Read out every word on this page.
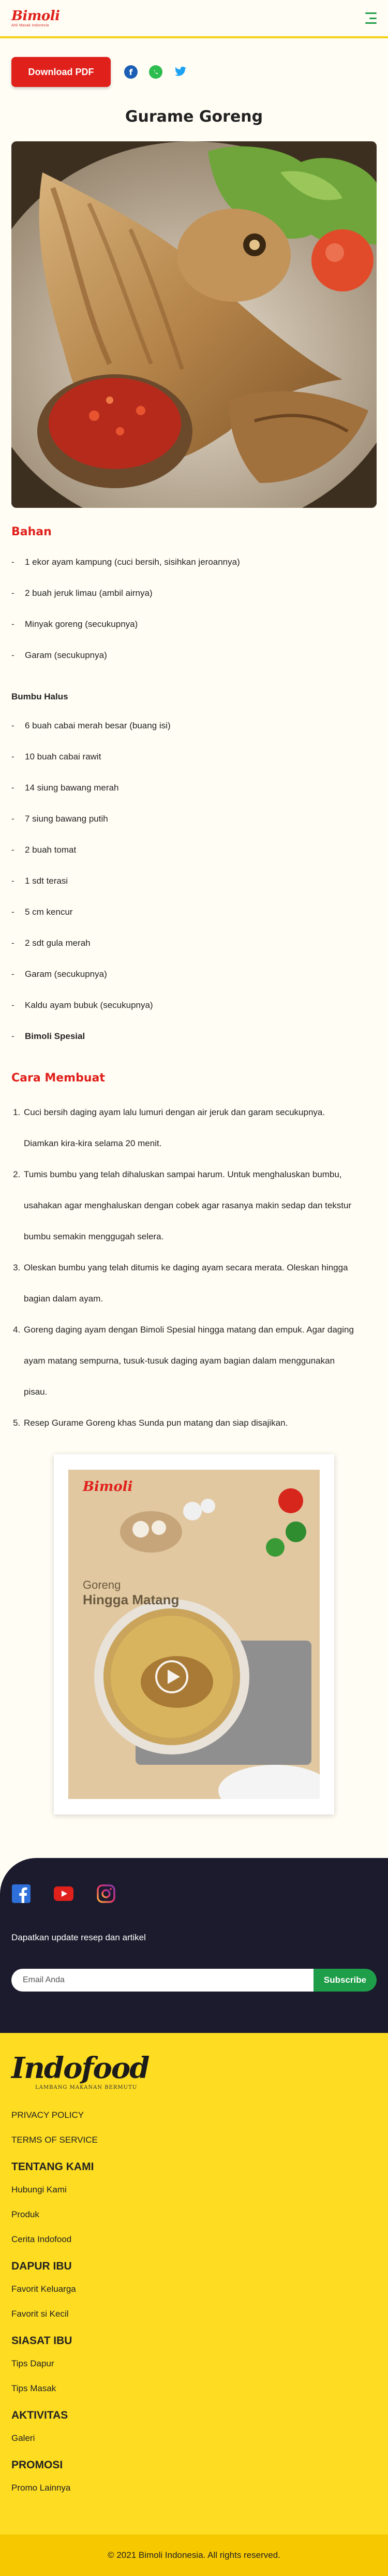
Bimoli
Ahli Masak Indonesia
Download PDF	f
Gurame Goreng
Bahan
-	1 ekor ayam kampung (cuci bersih, sisihkan jeroannya)
-	2 buah jeruk limau (ambil airnya)
-	Minyak goreng (secukupnya)
-	Garam (secukupnya)
Bumbu Halus
-	6 buah cabai merah besar (buang isi)
-	10 buah cabai rawit
-	14 siung bawang merah
-	7 siung bawang putih
-	2 buah tomat
-	1 sdt terasi
-	5 cm kencur
-	2 sdt gula merah
-	Garam (secukupnya)
-	Kaldu ayam bubuk (secukupnya)
-	Bimoli Spesial
Cara Membuat
1. Cuci bersih daging ayam lalu lumuri dengan air jeruk dan garam secukupnya.
Diamkan kira-kira selama 20 menit.
2. Tumis bumbu yang telah dihaluskan sampai harum. Untuk menghaluskan bumbu,
usahakan agar menghaluskan dengan cobek agar rasanya makin sedap dan tekstur
bumbu semakin menggugah selera.
3. Oleskan bumbu yang telah ditumis ke daging ayam secara merata. Oleskan hingga
bagian dalam ayam.
4. Goreng daging ayam dengan Bimoli Spesial hingga matang dan empuk. Agar daging
ayam matang sempurna, tusuk-tusuk daging ayam bagian dalam menggunakan
pisau.
5. Resep Gurame Goreng khas Sunda pun matang dan siap disajikan.
Bimoli
Goreng
Hingga Matang

Dapatkan update resep dan artikel

Email Anda
Subscribe
Indofood
LAMBANG MAKANAN BERMUTU
PRIVACY POLICY
TERMS OF SERVICE
TENTANG KAMI
Hubungi Kami
Produk
Cerita Indofood
DAPUR IBU
Favorit Keluarga
Favorit si Kecil
SIASAT IBU
Tips Dapur
Tips Masak
AKTIVITAS
Galeri
PROMOSI
Promo Lainnya
© 2021 Bimoli Indonesia. All rights reserved.
